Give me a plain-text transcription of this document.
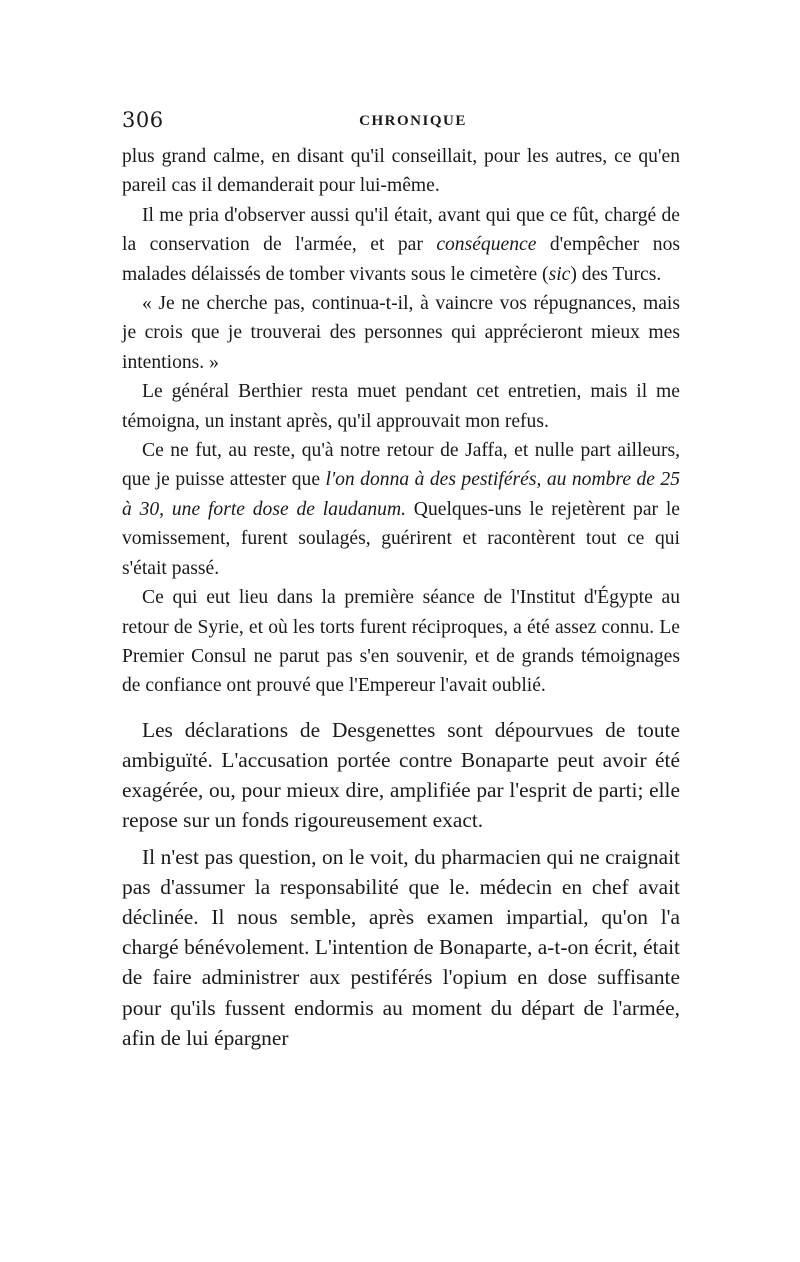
306	CHRONIQUE

plus grand calme, en disant qu'il conseillait, pour les autres, ce qu'en pareil cas il demanderait pour lui-même.

Il me pria d'observer aussi qu'il était, avant qui que ce fût, chargé de la conservation de l'armée, et par conséquence d'empêcher nos malades délaissés de tomber vivants sous le cimetère (sic) des Turcs.

« Je ne cherche pas, continua-t-il, à vaincre vos répugnances, mais je crois que je trouverai des personnes qui apprécieront mieux mes intentions. »

Le général Berthier resta muet pendant cet entretien, mais il me témoigna, un instant après, qu'il approuvait mon refus.

Ce ne fut, au reste, qu'à notre retour de Jaffa, et nulle part ailleurs, que je puisse attester que l'on donna à des pestiférés, au nombre de 25 à 30, une forte dose de laudanum. Quelques-uns le rejetèrent par le vomissement, furent soulagés, guérirent et racontèrent tout ce qui s'était passé.

Ce qui eut lieu dans la première séance de l'Institut d'Égypte au retour de Syrie, et où les torts furent réciproques, a été assez connu. Le Premier Consul ne parut pas s'en souvenir, et de grands témoignages de confiance ont prouvé que l'Empereur l'avait oublié.

Les déclarations de Desgenettes sont dépourvues de toute ambiguïté. L'accusation portée contre Bonaparte peut avoir été exagérée, ou, pour mieux dire, amplifiée par l'esprit de parti; elle repose sur un fonds rigoureusement exact.

Il n'est pas question, on le voit, du pharmacien qui ne craignait pas d'assumer la responsabilité que le. médecin en chef avait déclinée. Il nous semble, après examen impartial, qu'on l'a chargé bénévolement. L'intention de Bonaparte, a-t-on écrit, était de faire administrer aux pestiférés l'opium en dose suffisante pour qu'ils fussent endormis au moment du départ de l'armée, afin de lui épargner
